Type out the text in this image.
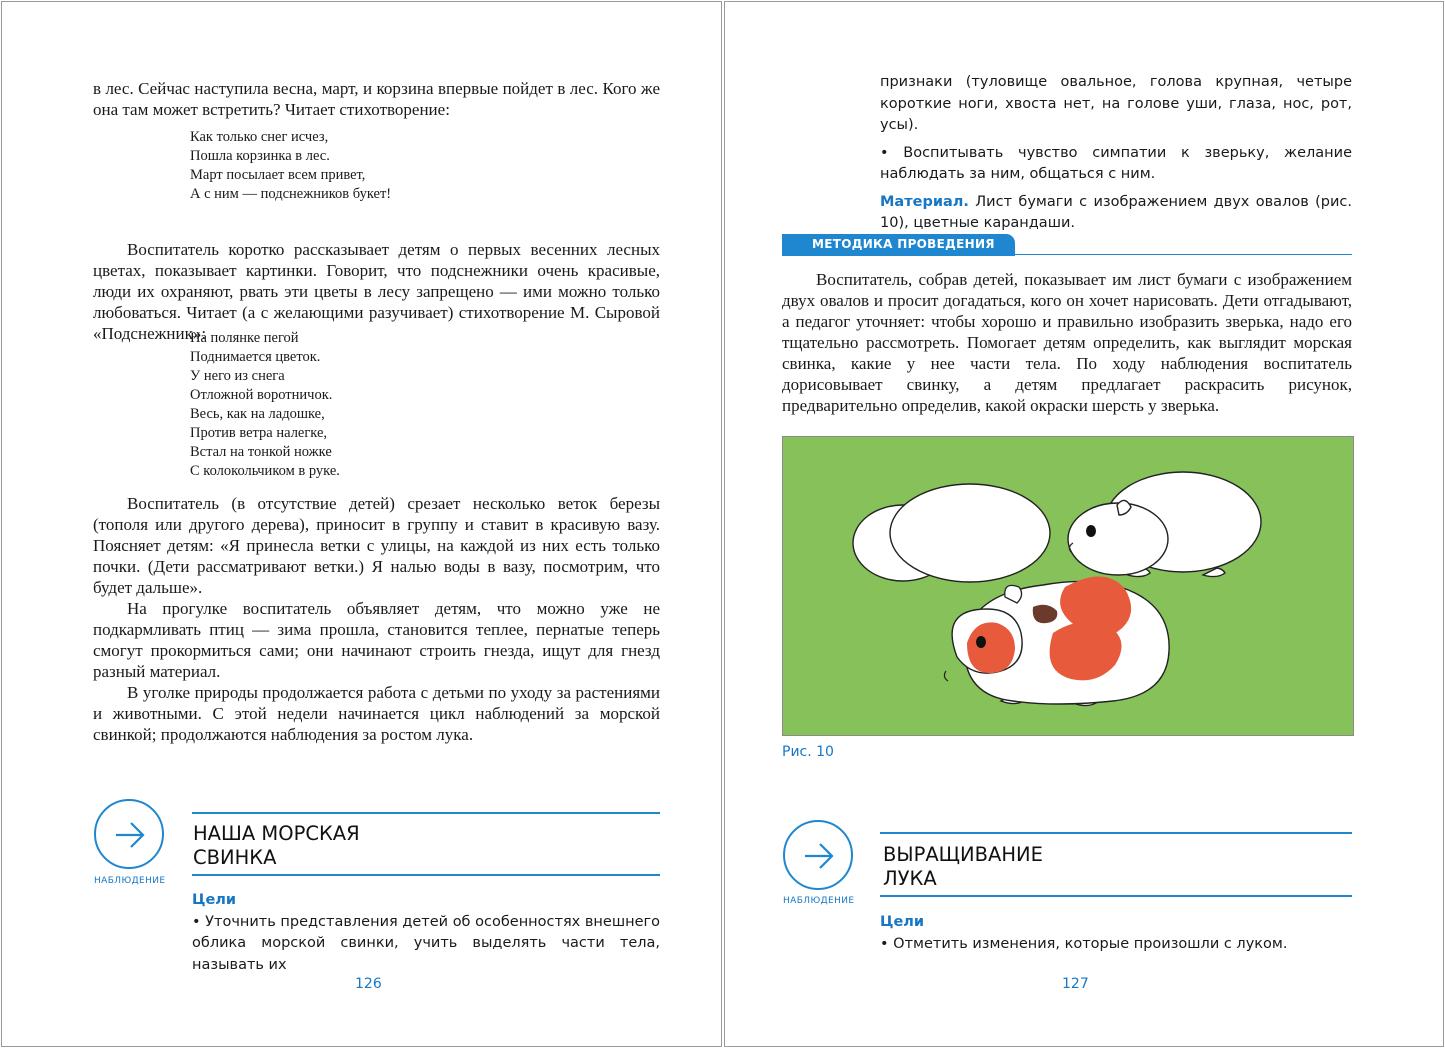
в лес. Сейчас наступила весна, март, и корзина впервые пойдет в лес. Кого же она там может встретить? Читает стихотворение:

Как только снег исчез,
Пошла корзинка в лес.
Март посылает всем привет,
А с ним — подснежников букет!

Воспитатель коротко рассказывает детям о первых весенних лесных цветах, показывает картинки. Говорит, что подснежники очень красивые, люди их охраняют, рвать эти цветы в лесу запрещено — ими можно только любоваться. Читает (а с желающими разучивает) стихотворение М. Сыровой «Подснежник»:

На полянке пегой
Поднимается цветок.
У него из снега
Отложной воротничок.
Весь, как на ладошке,
Против ветра налегке,
Встал на тонкой ножке
С колокольчиком в руке.

Воспитатель (в отсутствие детей) срезает несколько веток березы (тополя или другого дерева), приносит в группу и ставит в красивую вазу. Поясняет детям: «Я принесла ветки с улицы, на каждой из них есть только почки. (Дети рассматривают ветки.) Я налью воды в вазу, посмотрим, что будет дальше».

На прогулке воспитатель объявляет детям, что можно уже не подкармливать птиц — зима прошла, становится теплее, пернатые теперь смогут прокормиться сами; они начинают строить гнезда, ищут для гнезд разный материал.

В уголке природы продолжается работа с детьми по уходу за растениями и животными. С этой недели начинается цикл наблюдений за морской свинкой; продолжаются наблюдения за ростом лука.

НАБЛЮДЕНИЕ
НАША МОРСКАЯ
СВИНКА
Цели
• Уточнить представления детей об особенностях внешнего облика морской свинки, учить выделять части тела, называть их
126
признаки (туловище овальное, голова крупная, четыре короткие ноги, хвоста нет, на голове уши, глаза, нос, рот, усы).
• Воспитывать чувство симпатии к зверьку, желание наблюдать за ним, общаться с ним.
Материал. Лист бумаги с изображением двух овалов (рис. 10), цветные карандаши.
МЕТОДИКА ПРОВЕДЕНИЯ

Воспитатель, собрав детей, показывает им лист бумаги с изображением двух овалов и просит догадаться, кого он хочет нарисовать. Дети отгадывают, а педагог уточняет: чтобы хорошо и правильно изобразить зверька, надо его тщательно рассмотреть. Помогает детям определить, как выглядит морская свинка, какие у нее части тела. По ходу наблюдения воспитатель дорисовывает свинку, а детям предлагает раскрасить рисунок, предварительно определив, какой окраски шерсть у зверька.

Рис. 10
НАБЛЮДЕНИЕ
ВЫРАЩИВАНИЕ
ЛУКА
Цели
• Отметить изменения, которые произошли с луком.
127
